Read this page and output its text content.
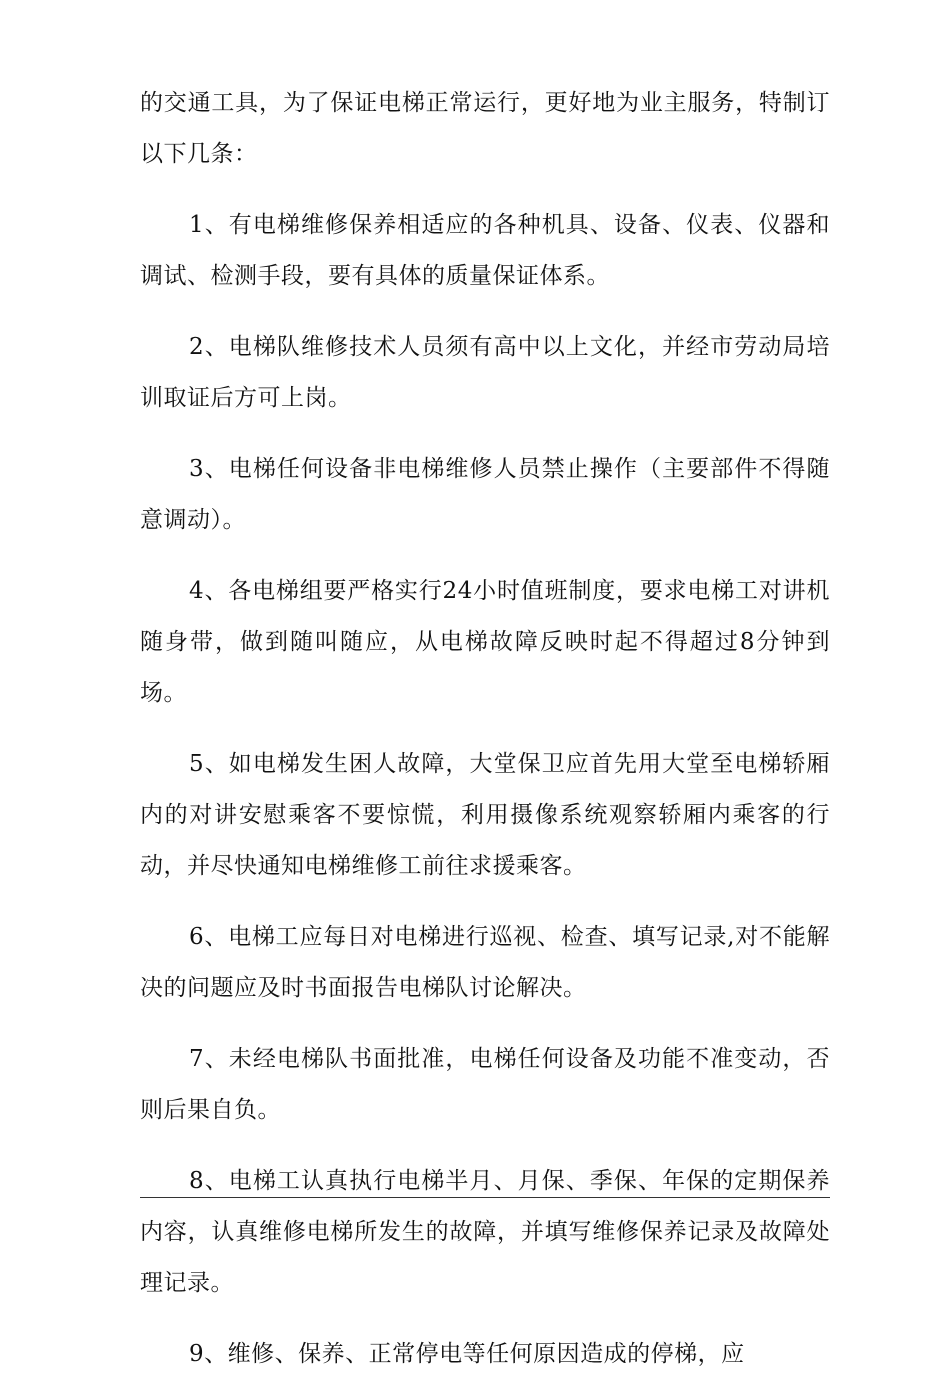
的交通工具，为了保证电梯正常运行，更好地为业主服务，特制订以下几条：

1、有电梯维修保养相适应的各种机具、设备、仪表、仪器和调试、检测手段，要有具体的质量保证体系。

2、电梯队维修技术人员须有高中以上文化，并经市劳动局培训取证后方可上岗。

3、电梯任何设备非电梯维修人员禁止操作（主要部件不得随意调动）。

4、各电梯组要严格实行24小时值班制度，要求电梯工对讲机随身带，做到随叫随应，从电梯故障反映时起不得超过8分钟到场。

5、如电梯发生困人故障，大堂保卫应首先用大堂至电梯轿厢内的对讲安慰乘客不要惊慌，利用摄像系统观察轿厢内乘客的行动，并尽快通知电梯维修工前往求援乘客。

6、电梯工应每日对电梯进行巡视、检查、填写记录,对不能解决的问题应及时书面报告电梯队讨论解决。

7、未经电梯队书面批准，电梯任何设备及功能不准变动，否则后果自负。

8、电梯工认真执行电梯半月、月保、季保、年保的定期保养内容，认真维修电梯所发生的故障，并填写维修保养记录及故障处理记录。

9、维修、保养、正常停电等任何原因造成的停梯，应
